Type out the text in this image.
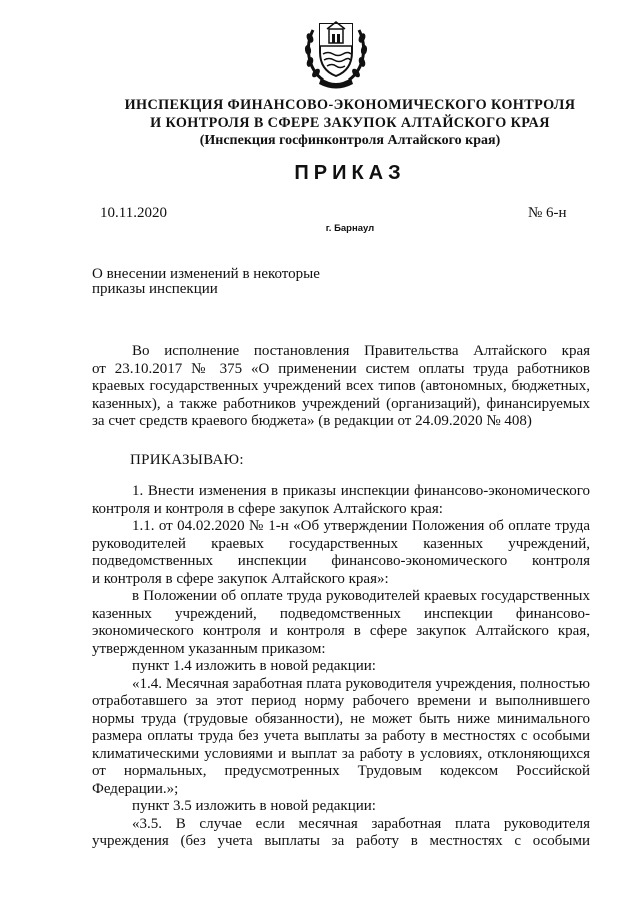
ИНСПЕКЦИЯ ФИНАНСОВО-ЭКОНОМИЧЕСКОГО КОНТРОЛЯ
И КОНТРОЛЯ В СФЕРЕ ЗАКУПОК АЛТАЙСКОГО КРАЯ
(Инспекция госфинконтроля Алтайского края)
ПРИКАЗ
10.11.2020	№ 6-н
г. Барнаул
О внесении изменений в некоторые
приказы инспекции
Во исполнение постановления Правительства Алтайского края
от 23.10.2017 № 375 «О применении систем оплаты труда работников
краевых государственных учреждений всех типов (автономных, бюджетных,
казенных), а также работников учреждений (организаций), финансируемых
за счет средств краевого бюджета» (в редакции от 24.09.2020 № 408)
ПРИКАЗЫВАЮ:
1. Внести изменения в приказы инспекции финансово-экономического
контроля и контроля в сфере закупок Алтайского края:
1.1. от 04.02.2020 № 1-н «Об утверждении Положения об оплате труда
руководителей краевых государственных казенных учреждений,
подведомственных инспекции финансово-экономического контроля
и контроля в сфере закупок Алтайского края»:
в Положении об оплате труда руководителей краевых государственных
казенных учреждений, подведомственных инспекции финансово-
экономического контроля и контроля в сфере закупок Алтайского края,
утвержденном указанным приказом:
пункт 1.4 изложить в новой редакции:
«1.4. Месячная заработная плата руководителя учреждения, полностью
отработавшего за этот период норму рабочего времени и выполнившего
нормы труда (трудовые обязанности), не может быть ниже минимального
размера оплаты труда без учета выплаты за работу в местностях с особыми
климатическими условиями и выплат за работу в условиях, отклоняющихся
от нормальных, предусмотренных Трудовым кодексом Российской
Федерации.»;
пункт 3.5 изложить в новой редакции:
«3.5. В случае если месячная заработная плата руководителя
учреждения (без учета выплаты за работу в местностях с особыми
